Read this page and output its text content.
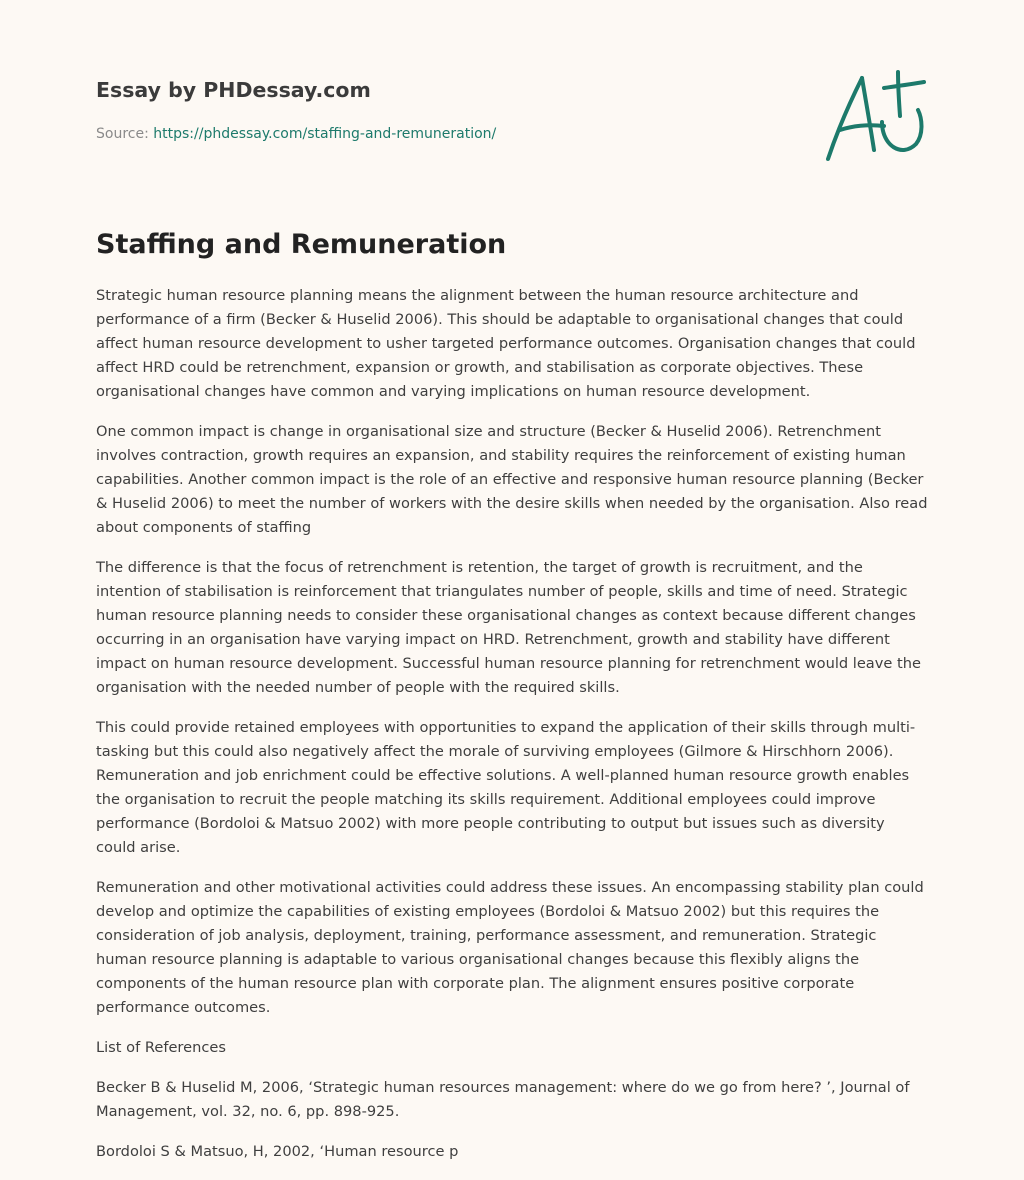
Essay by PHDessay.com
Source: https://phdessay.com/staffing-and-remuneration/
Staffing and Remuneration

Strategic human resource planning means the alignment between the human resource architecture and performance of a firm (Becker & Huselid 2006). This should be adaptable to organisational changes that could affect human resource development to usher targeted performance outcomes. Organisation changes that could affect HRD could be retrenchment, expansion or growth, and stabilisation as corporate objectives. These organisational changes have common and varying implications on human resource development.

One common impact is change in organisational size and structure (Becker & Huselid 2006). Retrenchment involves contraction, growth requires an expansion, and stability requires the reinforcement of existing human capabilities. Another common impact is the role of an effective and responsive human resource planning (Becker & Huselid 2006) to meet the number of workers with the desire skills when needed by the organisation. Also read about components of staffing

The difference is that the focus of retrenchment is retention, the target of growth is recruitment, and the intention of stabilisation is reinforcement that triangulates number of people, skills and time of need. Strategic human resource planning needs to consider these organisational changes as context because different changes occurring in an organisation have varying impact on HRD. Retrenchment, growth and stability have different impact on human resource development. Successful human resource planning for retrenchment would leave the organisation with the needed number of people with the required skills.

This could provide retained employees with opportunities to expand the application of their skills through multi-tasking but this could also negatively affect the morale of surviving employees (Gilmore & Hirschhorn 2006). Remuneration and job enrichment could be effective solutions. A well-planned human resource growth enables the organisation to recruit the people matching its skills requirement. Additional employees could improve performance (Bordoloi & Matsuo 2002) with more people contributing to output but issues such as diversity could arise.

Remuneration and other motivational activities could address these issues. An encompassing stability plan could develop and optimize the capabilities of existing employees (Bordoloi & Matsuo 2002) but this requires the consideration of job analysis, deployment, training, performance assessment, and remuneration. Strategic human resource planning is adaptable to various organisational changes because this flexibly aligns the components of the human resource plan with corporate plan. The alignment ensures positive corporate performance outcomes.

List of References

Becker B & Huselid M, 2006, ‘Strategic human resources management: where do we go from here? ’, Journal of Management, vol. 32, no. 6, pp. 898-925.

Bordoloi S & Matsuo, H, 2002, ‘Human resource p
